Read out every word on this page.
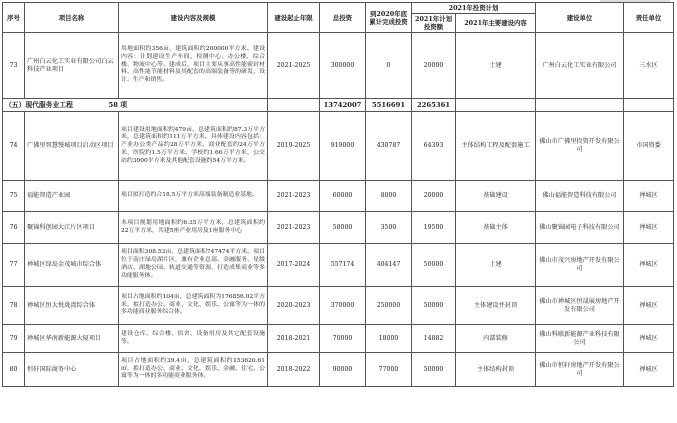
序号	项目名称	建设内容及规模	建设起止年限	总投资	到2020年底累计完成投资	2021年投资计划		建设单位	责任单位
						2021年计划投资额	2021年主要建设内容		
73	广州白云化工实业有限公司白云科技产业项目	用地面积约356亩，建筑面积约200000平方米。建设内容：计划建设生产车间、检测中心、办公楼、综合楼、物流中心等。建成后，项目主要从事高性能密封材料、高性能节能材料及其配套的高端装备等的研发、设计、生产和销售。	2021-2025	300000	0	20000	土建	广州白云化工实业有限公司	三水区
（五）现代服务业工程 58 项				13742007	5516691	2265361			
74	广佛里智慧慢城项目启动区项目	项目建设用地面积约479亩，总建筑面积约87.3万平方米，总建筑面积约111万平方米。具体建设内容包括：产业办公类产品约28万平方米，商业配套约24万平方米，医院约1.5万平方米，学校约1.66万平方米，公交站约3000平方米及其他配套设施约54万平方米。	2019-2025	919000	430787	64393	主体结构工程及配套施工	佛山市广佛里投资开发有限公司	市国资委
75	福能智造产业园	项目拟打造约合18.5万平方米高端装备制造业基地。	2021-2023	60000	8000	20000	基础建设	佛山福能智造科技有限公司	禅城区
76	聚锦科创园大江片区项目	本项目规划用地面积约6.35万平方米，总建筑面积约22万平方米，共建5座产业用房及1座服务中心	2021-2023	58000	3500	19500	基础主体	佛山聚锦园电子科技有限公司	禅城区
77	禅城区绿岛金茂城市综合体	项目面积308.53亩，总建筑面积747474平方米。项目位于南庄绿岛湖片区，兼有企业总部、金融服务、星级酒店、湖地公园、轨道交通等资源，打造成集商业等多功能服务体。	2017-2024	557174	404147	50000	土建	佛山市茂兴房地产开发有限公司	禅城区
78	禅城区恒大悦珑湾综合体	项目占地面积约104亩，总建筑面积为176856.02平方米，拟打造办公、商业、文化、娱乐、公寓等为一体的多功能商业服务综合体。	2020-2023	370000	250000	50000	主体建设并封顶	佛山市禅城区恒晟展房地产开发有限公司	禅城区
79	禅城区华南新能源大厦项目	建设仓库、综合楼、宿舍、设备用房及其它配套设施等。	2018-2021	70000	18000	14882	内部装修	佛山科联新能源产业科技有限公司	禅城区
80	恒轩国际商务中心	项目占地面积约39.4亩，总建筑面积约153620.61㎡，拟打造办公、商业、文化、娱乐、金融、住宅、公寓等为一体的多功能商业服务体。	2018-2022	90000	77000	50000	主体结构封顶	佛山市恒轩房地产开发有限公司	禅城区
